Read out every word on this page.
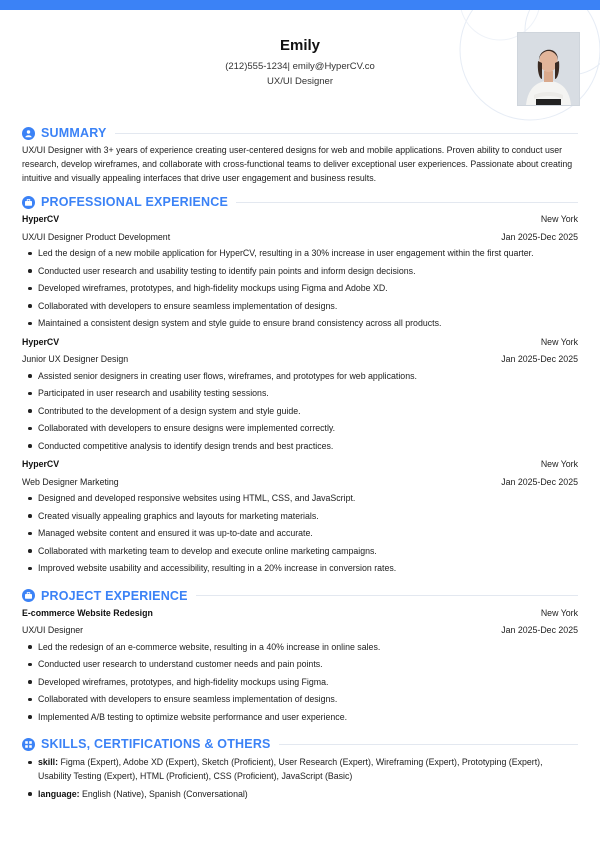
Emily
(212)555-1234| emily@HyperCV.co
UX/UI Designer
SUMMARY

UX/UI Designer with 3+ years of experience creating user-centered designs for web and mobile applications. Proven ability to conduct user research, develop wireframes, and collaborate with cross-functional teams to deliver exceptional user experiences. Passionate about creating intuitive and visually appealing interfaces that drive user engagement and business results.

PROFESSIONAL EXPERIENCE
HyperCV	New York
UX/UI Designer Product Development	Jan 2025-Dec 2025
Led the design of a new mobile application for HyperCV, resulting in a 30% increase in user engagement within the first quarter.
Conducted user research and usability testing to identify pain points and inform design decisions.
Developed wireframes, prototypes, and high-fidelity mockups using Figma and Adobe XD.
Collaborated with developers to ensure seamless implementation of designs.
Maintained a consistent design system and style guide to ensure brand consistency across all products.
HyperCV	New York
Junior UX Designer Design	Jan 2025-Dec 2025
Assisted senior designers in creating user flows, wireframes, and prototypes for web applications.
Participated in user research and usability testing sessions.
Contributed to the development of a design system and style guide.
Collaborated with developers to ensure designs were implemented correctly.
Conducted competitive analysis to identify design trends and best practices.
HyperCV	New York
Web Designer Marketing	Jan 2025-Dec 2025
Designed and developed responsive websites using HTML, CSS, and JavaScript.
Created visually appealing graphics and layouts for marketing materials.
Managed website content and ensured it was up-to-date and accurate.
Collaborated with marketing team to develop and execute online marketing campaigns.
Improved website usability and accessibility, resulting in a 20% increase in conversion rates.
PROJECT EXPERIENCE
E-commerce Website Redesign	New York
UX/UI Designer	Jan 2025-Dec 2025
Led the redesign of an e-commerce website, resulting in a 40% increase in online sales.
Conducted user research to understand customer needs and pain points.
Developed wireframes, prototypes, and high-fidelity mockups using Figma.
Collaborated with developers to ensure seamless implementation of designs.
Implemented A/B testing to optimize website performance and user experience.
SKILLS, CERTIFICATIONS & OTHERS
skill: Figma (Expert), Adobe XD (Expert), Sketch (Proficient), User Research (Expert), Wireframing (Expert), Prototyping (Expert), Usability Testing (Expert), HTML (Proficient), CSS (Proficient), JavaScript (Basic)
language: English (Native), Spanish (Conversational)
